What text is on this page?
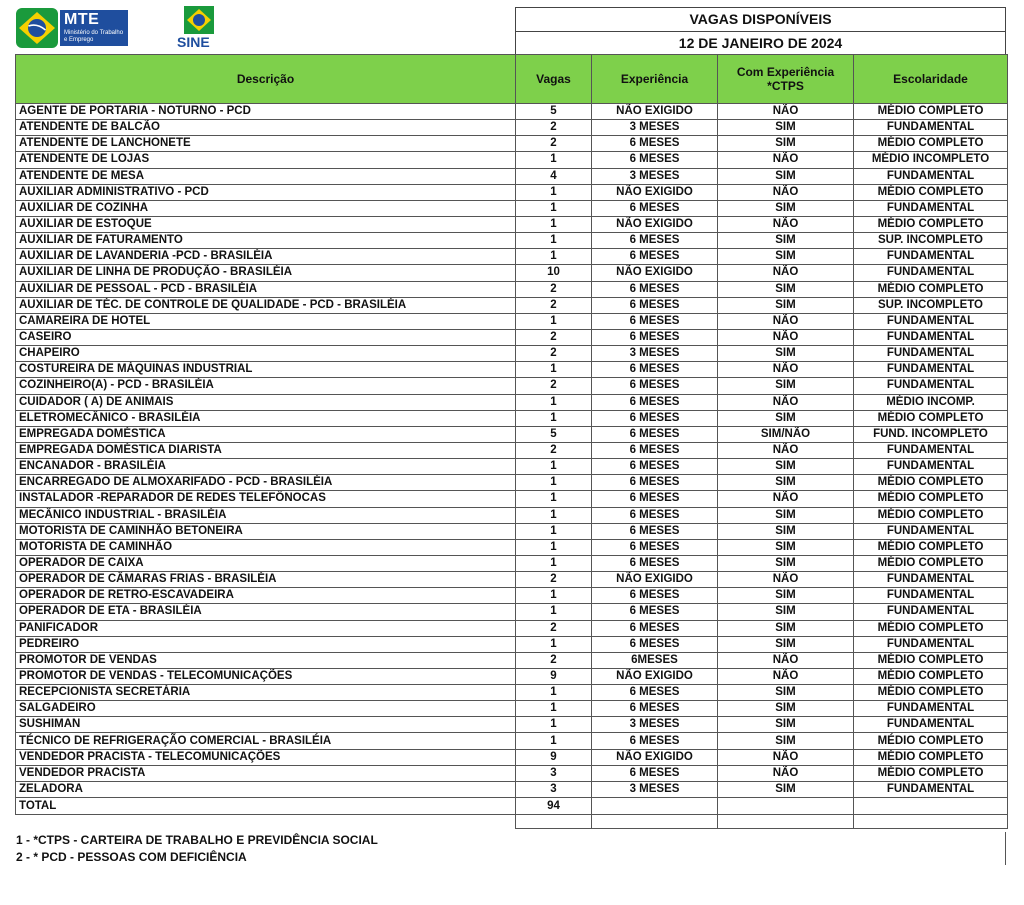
MTE
Ministério do Trabalho e Emprego	SINE
VAGAS DISPONÍVEIS
12 DE JANEIRO DE 2024
Descrição	Vagas	Experiência	Com Experiência *CTPS	Escolaridade
AGENTE DE PORTARIA - NOTURNO - PCD	5	NÃO EXIGIDO	NÃO	MÉDIO COMPLETO
ATENDENTE DE BALCÃO	2	3 MESES	SIM	FUNDAMENTAL
ATENDENTE DE LANCHONETE	2	6 MESES	SIM	MÉDIO COMPLETO
ATENDENTE DE LOJAS	1	6 MESES	NÃO	MÉDIO INCOMPLETO
ATENDENTE DE MESA	4	3 MESES	SIM	FUNDAMENTAL
AUXILIAR ADMINISTRATIVO - PCD	1	NÃO EXIGIDO	NÃO	MÉDIO COMPLETO
AUXILIAR DE COZINHA	1	6 MESES	SIM	FUNDAMENTAL
AUXILIAR DE ESTOQUE	1	NÃO EXIGIDO	NÃO	MÉDIO COMPLETO
AUXILIAR DE FATURAMENTO	1	6 MESES	SIM	SUP. INCOMPLETO
AUXILIAR DE LAVANDERIA -PCD - BRASILÉIA	1	6 MESES	SIM	FUNDAMENTAL
AUXILIAR DE LINHA DE PRODUÇÃO - BRASILÉIA	10	NÃO EXIGIDO	NÃO	FUNDAMENTAL
AUXILIAR DE PESSOAL - PCD - BRASILÉIA	2	6 MESES	SIM	MÉDIO COMPLETO
AUXILIAR DE TÉC. DE CONTROLE DE QUALIDADE - PCD - BRASILÉIA	2	6 MESES	SIM	SUP. INCOMPLETO
CAMAREIRA DE HOTEL	1	6 MESES	NÃO	FUNDAMENTAL
CASEIRO	2	6 MESES	NÃO	FUNDAMENTAL
CHAPEIRO	2	3 MESES	SIM	FUNDAMENTAL
COSTUREIRA DE MÁQUINAS INDUSTRIAL	1	6 MESES	NÃO	FUNDAMENTAL
COZINHEIRO(A) - PCD - BRASILÉIA	2	6 MESES	SIM	FUNDAMENTAL
CUIDADOR ( A) DE ANIMAIS	1	6 MESES	NÃO	MÉDIO INCOMP.
ELETROMECÂNICO - BRASILÉIA	1	6 MESES	SIM	MÉDIO COMPLETO
EMPREGADA DOMÉSTICA	5	6 MESES	SIM/NÃO	FUND. INCOMPLETO
EMPREGADA DOMÉSTICA DIARISTA	2	6 MESES	NÃO	FUNDAMENTAL
ENCANADOR - BRASILÉIA	1	6 MESES	SIM	FUNDAMENTAL
ENCARREGADO DE ALMOXARIFADO - PCD - BRASILÉIA	1	6 MESES	SIM	MÉDIO COMPLETO
INSTALADOR -REPARADOR DE REDES TELEFÔNOCAS	1	6 MESES	NÃO	MÉDIO COMPLETO
MECÂNICO INDUSTRIAL - BRASILÉIA	1	6 MESES	SIM	MÉDIO COMPLETO
MOTORISTA DE CAMINHÃO BETONEIRA	1	6 MESES	SIM	FUNDAMENTAL
MOTORISTA DE CAMINHÃO	1	6 MESES	SIM	MÉDIO COMPLETO
OPERADOR DE CAIXA	1	6 MESES	SIM	MÉDIO COMPLETO
OPERADOR DE CÂMARAS FRIAS - BRASILÉIA	2	NÃO EXIGIDO	NÃO	FUNDAMENTAL
OPERADOR DE RETRO-ESCAVADEIRA	1	6 MESES	SIM	FUNDAMENTAL
OPERADOR DE ETA - BRASILÉIA	1	6 MESES	SIM	FUNDAMENTAL
PANIFICADOR	2	6 MESES	SIM	MÉDIO COMPLETO
PEDREIRO	1	6 MESES	SIM	FUNDAMENTAL
PROMOTOR DE VENDAS	2	6MESES	NÃO	MÉDIO COMPLETO
PROMOTOR DE VENDAS - TELECOMUNICAÇÕES	9	NÃO EXIGIDO	NÃO	MÉDIO COMPLETO
RECEPCIONISTA SECRETÁRIA	1	6 MESES	SIM	MÉDIO COMPLETO
SALGADEIRO	1	6 MESES	SIM	FUNDAMENTAL
SUSHIMAN	1	3 MESES	SIM	FUNDAMENTAL
TÉCNICO DE REFRIGERAÇÃO COMERCIAL - BRASILÉIA	1	6 MESES	SIM	MÉDIO COMPLETO
VENDEDOR PRACISTA - TELECOMUNICAÇÕES	9	NÃO EXIGIDO	NÃO	MÉDIO COMPLETO
VENDEDOR PRACISTA	3	6 MESES	NÃO	MÉDIO COMPLETO
ZELADORA	3	3 MESES	SIM	FUNDAMENTAL
TOTAL	94			

1 - *CTPS - CARTEIRA DE TRABALHO E PREVIDÊNCIA SOCIAL
2 - * PCD - PESSOAS COM DEFICIÊNCIA
